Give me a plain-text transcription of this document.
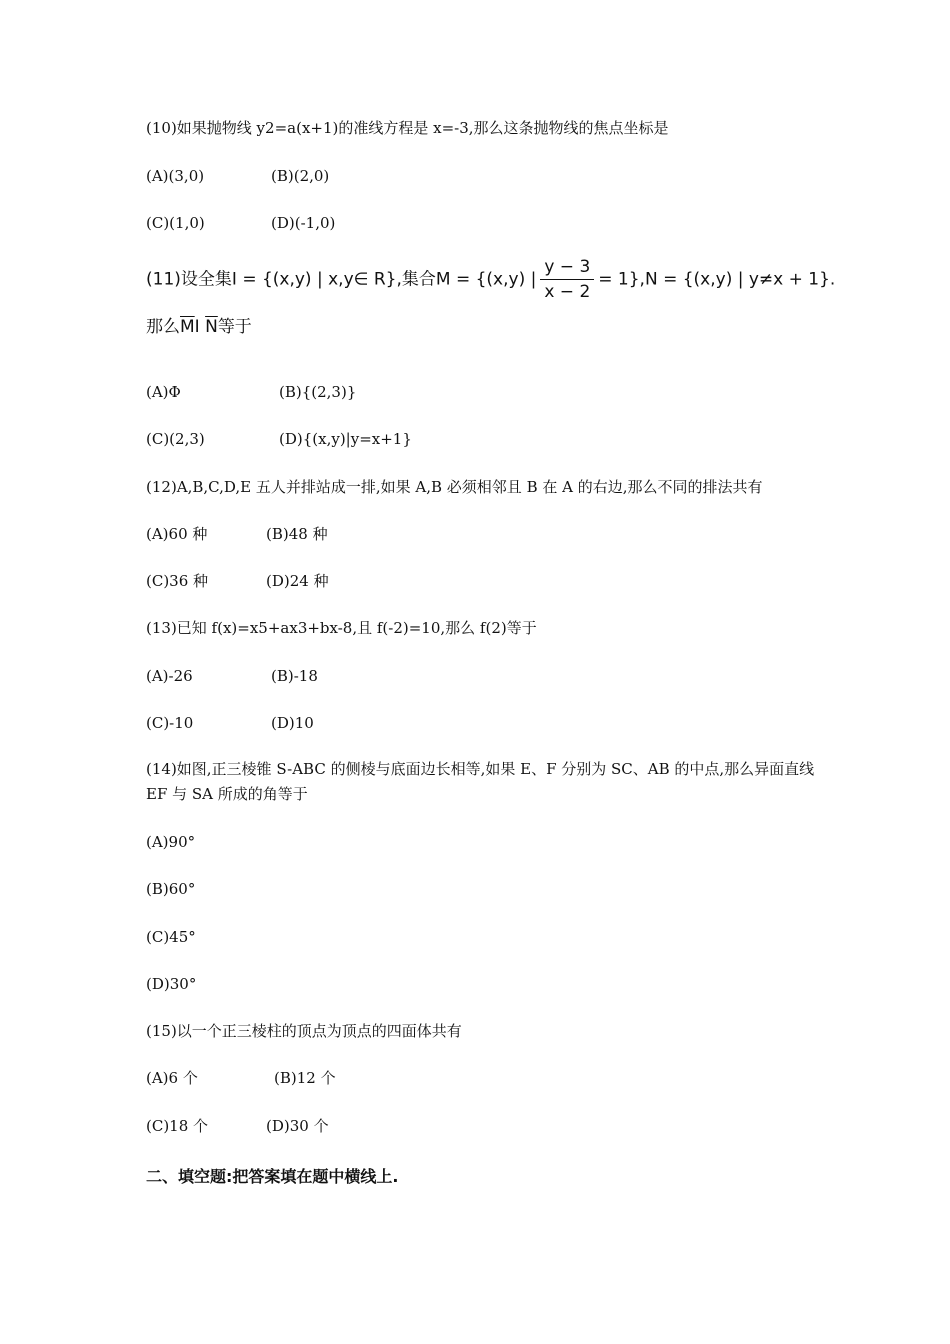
(10)如果抛物线 y2=a(x+1)的准线方程是 x=-3,那么这条抛物线的焦点坐标是
(A)(3,0)	(B)(2,0)
(C)(1,0)	(D)(-1,0)
(11)设全集I = {(x,y) | x,y∈ R},集合M = {(x,y) | $\frac{y - 3}{x - 2} = 1\},N = \{(x,y)$ | y≠x + 1}.
那么$\overline{M}I$ $\overline{N}$等于
(A)Φ	(B){(2,3)}
(C)(2,3)	(D){(x,y)|y=x+1}
(12)A,B,C,D,E 五人并排站成一排,如果 A,B 必须相邻且 B 在 A 的右边,那么不同的排法共有
(A)60 种	(B)48 种
(C)36 种	(D)24 种
(13)已知 f(x)=x5+ax3+bx-8,且 f(-2)=10,那么 f(2)等于
(A)-26	(B)-18
(C)-10	(D)10
(14)如图,正三棱锥 S-ABC 的侧棱与底面边长相等,如果 E、F 分别为 SC、AB 的中点,那么异面直线 EF 与 SA 所成的角等于
(A)90°
(B)60°
(C)45°
(D)30°
(15)以一个正三棱柱的顶点为顶点的四面体共有
(A)6 个	(B)12 个
(C)18 个	(D)30 个
二、填空题:把答案填在题中横线上.
